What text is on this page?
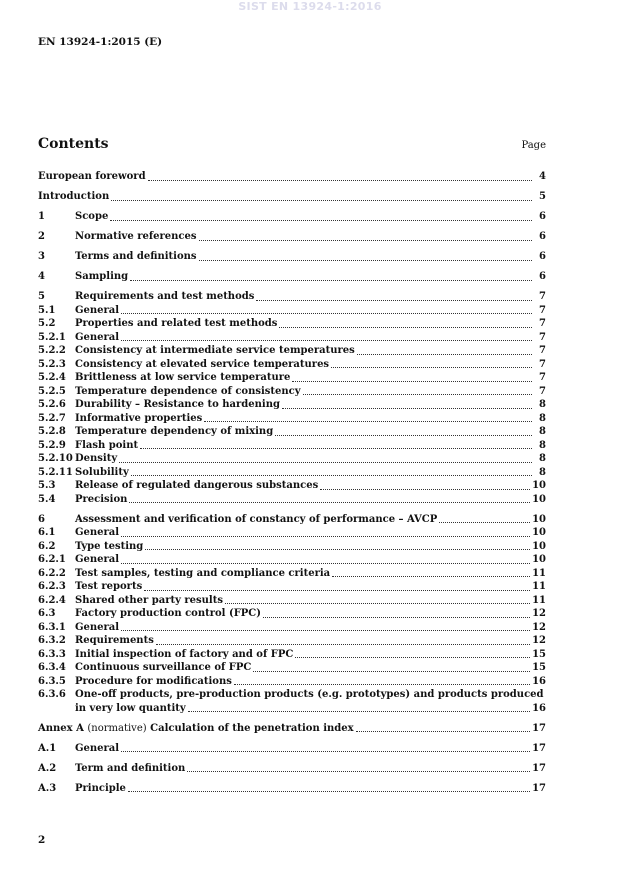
SIST EN 13924-1:2016
EN 13924-1:2015 (E)
Contents	Page
European foreword	4
Introduction	5
1	Scope	6
2	Normative references	6
3	Terms and definitions	6
4	Sampling	6
5	Requirements and test methods	7
5.1	General	7
5.2	Properties and related test methods	7
5.2.1 General	7
5.2.2 Consistency at intermediate service temperatures	7
5.2.3 Consistency at elevated service temperatures	7
5.2.4 Brittleness at low service temperature	7
5.2.5 Temperature dependence of consistency	7
5.2.6 Durability – Resistance to hardening	8
5.2.7 Informative properties	8
5.2.8 Temperature dependency of mixing	8
5.2.9 Flash point	8
5.2.10 Density	8
5.2.11 Solubility	8
5.3	Release of regulated dangerous substances	10
5.4	Precision	10
6	Assessment and verification of constancy of performance – AVCP	10
6.1	General	10
6.2	Type testing	10
6.2.1 General	10
6.2.2 Test samples, testing and compliance criteria	11
6.2.3 Test reports	11
6.2.4 Shared other party results	11
6.3	Factory production control (FPC)	12
6.3.1 General	12
6.3.2 Requirements	12
6.3.3 Initial inspection of factory and of FPC	15
6.3.4 Continuous surveillance of FPC	15
6.3.5 Procedure for modifications	16
6.3.6 One-off products, pre-production products (e.g. prototypes) and products produced
in very low quantity	16
Annex A (normative) Calculation of the penetration index	17
A.1	General	17
A.2	Term and definition	17
A.3	Principle	17
2
